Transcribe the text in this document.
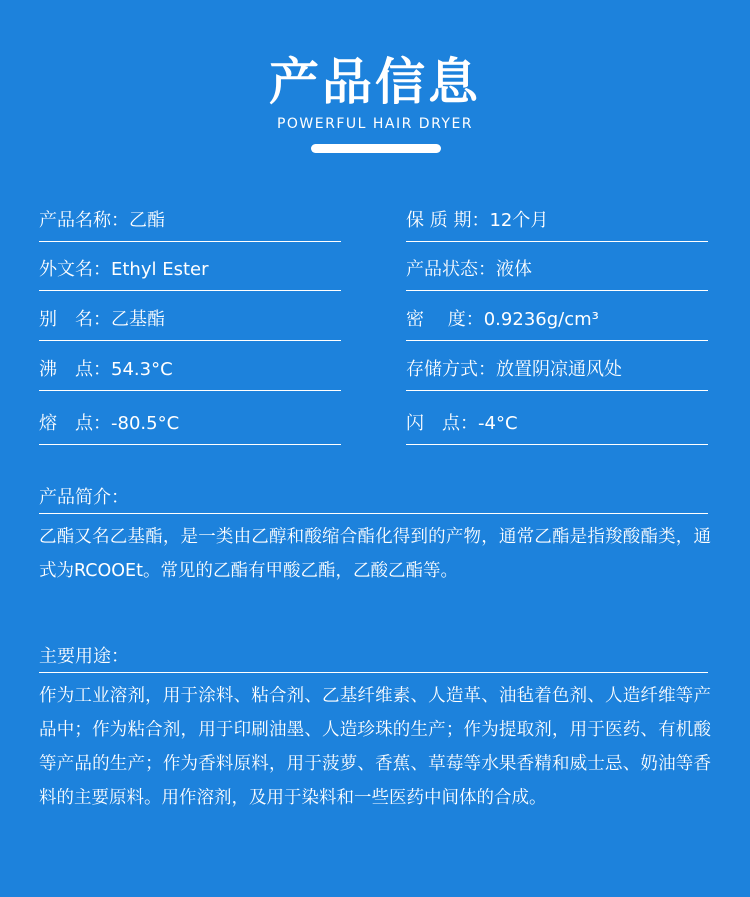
产品信息
POWERFUL HAIR DRYER
产品名称：乙酯	保 质 期：12个月
外文名：Ethyl Ester	产品状态：液体
别　名：乙基酯	密　 度：0.9236g/cm³
沸　点：54.3°C	存储方式：放置阴凉通风处
熔　点：-80.5°C	闪　点：-4°C
产品简介：
乙酯又名乙基酯，是一类由乙醇和酸缩合酯化得到的产物，通常乙酯是指羧酸酯类，通式为RCOOEt。常见的乙酯有甲酸乙酯，乙酸乙酯等。
主要用途：
作为工业溶剂，用于涂料、粘合剂、乙基纤维素、人造革、油毡着色剂、人造纤维等产品中；作为粘合剂，用于印刷油墨、人造珍珠的生产；作为提取剂，用于医药、有机酸等产品的生产；作为香料原料，用于菠萝、香蕉、草莓等水果香精和威士忌、奶油等香料的主要原料。用作溶剂，及用于染料和一些医药中间体的合成。
